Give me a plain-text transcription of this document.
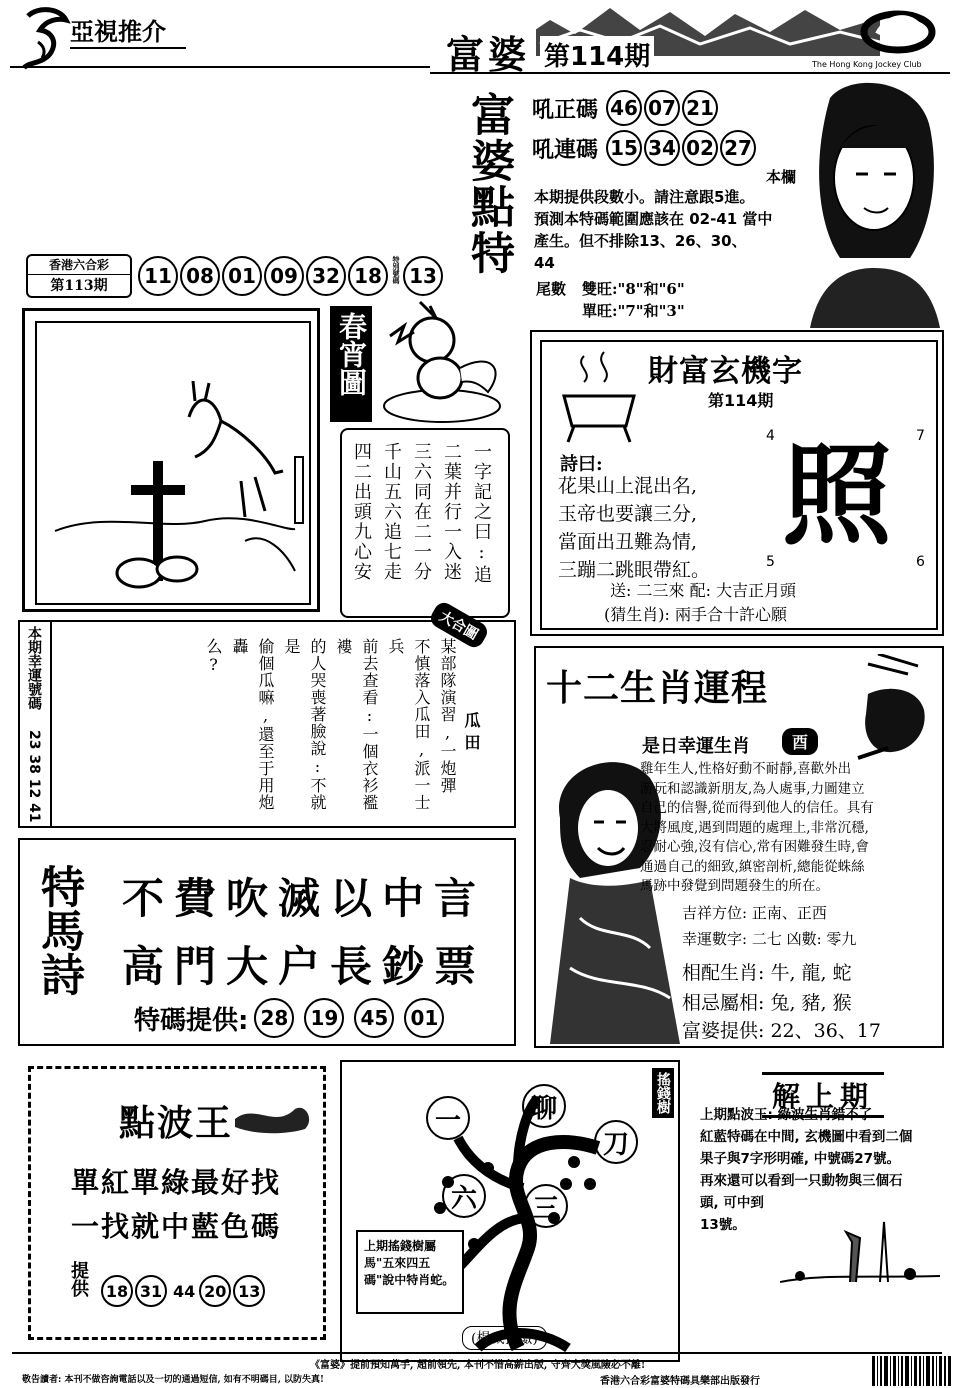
亞視推介
富婆 第114期	The Hong Kong Jockey Club
富婆點特 吼正碼 46 07 21
吼連碼 15 34 02 27
本欄
本期提供段數小。請注意跟5進。
預測本特碼範圍應該在 02-41 當中
產生。但不排除13、26、30、
44
尾數 雙旺:"8"和"6"
單旺:"7"和"3"
香港六合彩
第113期	11 08 01 09 32 18	特別號碼 13
春宵圖
一字記之曰:追
二葉并行一入迷
三六同在二一分
千山五六追七走
四二出頭九心安
財富玄機字
第114期
詩曰:
花果山上混出名,
玉帝也要讓三分,
當面出丑難為情,
三蹦二跳眼帶紅。
4	7
5	6
照
送: 二三來 配: 大吉正月頭
(猜生肖): 兩手合十許心願
本期幸運號碼
23 38 12 41	瓜田
某部隊演習,一炮彈
不慎落入瓜田,派一士兵
前去查看:一個衣衫襤褸
的人哭喪著臉說:不就是
偷個瓜嘛,還至于用炮轟
么?
大合圖
十二生肖運程
是日幸運生肖	酉
雞年生人,性格好動不耐靜,喜歡外出
游玩和認識新朋友,為人處事,力圖建立
自己的信譽,從而得到他人的信任。具有
大將風度,遇到問題的處理上,非常沉穩,
忍耐心強,沒有信心,常有困難發生時,會
通過自己的細致,縝密剖析,總能從蛛絲
馬跡中發覺到問題發生的所在。
吉祥方位: 正南、正西
幸運數字: 二七 凶數: 零九
相配生肖: 牛, 龍, 蛇
相忌屬相: 兔, 豬, 猴
富婆提供: 22、36、17
特馬詩 不費吹滅以中言
高門大户長鈔票
特碼提供: 28	19	45	01
點波王
單紅單綠最好找
一找就中藍色碼
提供	18 31 44 20 13
搖錢樹
一	聊
刀
六	三
上期搖錢樹屬馬"五來四五碼"說中特肖蛇。
(楊威抖擻)
解上期
上期點波王: 綠波生肖錯不了
紅藍特碼在中間, 玄機圖中看到二個
果子與7字形明確, 中號碼27號。
再來還可以看到一只動物與三個石
頭, 可中到
13號。
《富婆》提前預知萬手, 超前領先, 本刊不惜高薪出版, 守齊大獎風險必不離!
敬告讀者: 本刊不做咨詢電話以及一切的通過短信, 如有不明碼目, 以防失真!	香港六合彩富婆特碼具樂部出版發行
